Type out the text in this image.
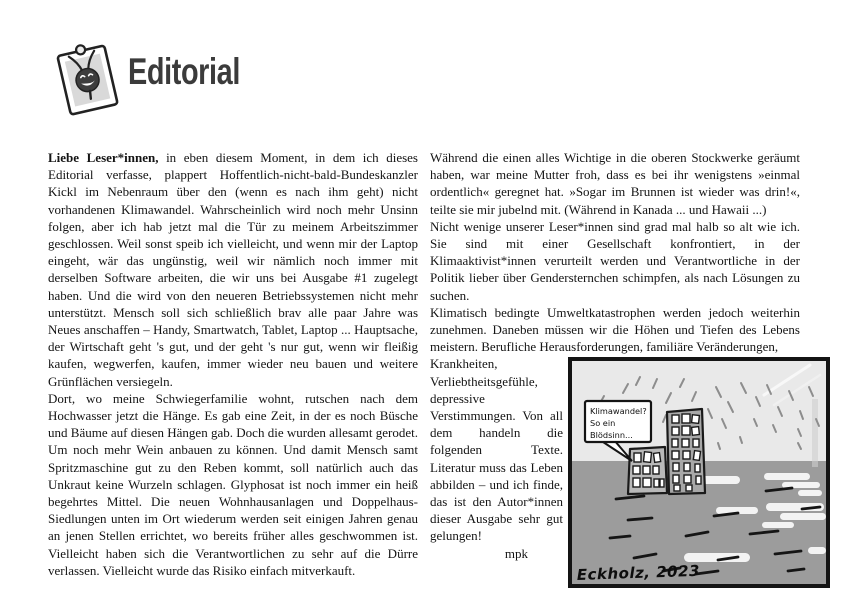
Editorial

Liebe Leser*innen, in eben diesem Moment, in dem ich dieses Editorial verfasse, plappert Hoffentlich-nicht-bald-Bundeskanzler Kickl im Nebenraum über den (wenn es nach ihm geht) nicht vorhandenen Klimawandel. Wahrscheinlich wird noch mehr Unsinn folgen, aber ich hab jetzt mal die Tür zu meinem Arbeitszimmer geschlossen. Weil sonst speib ich vielleicht, und wenn mir der Laptop eingeht, wär das ungünstig, weil wir nämlich noch immer mit derselben Software arbeiten, die wir uns bei Ausgabe #1 zugelegt haben. Und die wird von den neueren Betriebssystemen nicht mehr unterstützt. Mensch soll sich schließlich brav alle paar Jahre was Neues anschaffen – Handy, Smartwatch, Tablet, Laptop ... Hauptsache, der Wirtschaft geht 's gut, und der geht 's nur gut, wenn wir fleißig kaufen, wegwerfen, kaufen, immer wieder neu bauen und weitere Grünflächen versiegeln.

Dort, wo meine Schwiegerfamilie wohnt, rutschen nach dem Hochwasser jetzt die Hänge. Es gab eine Zeit, in der es noch Büsche und Bäume auf diesen Hängen gab. Doch die wurden allesamt gerodet. Um noch mehr Wein anbauen zu können. Und damit Mensch samt Spritzmaschine gut zu den Reben kommt, soll natürlich auch das Unkraut keine Wurzeln schlagen. Glyphosat ist noch immer ein heiß begehrtes Mittel. Die neuen Wohnhausanlagen und Doppelhaus-Siedlungen unten im Ort wiederum werden seit einigen Jahren genau an jenen Stellen errichtet, wo bereits früher alles geschwommen ist. Vielleicht haben sich die Verantwortlichen zu sehr auf die Dürre verlassen. Vielleicht wurde das Risiko einfach mitverkauft.

Während die einen alles Wichtige in die oberen Stockwerke geräumt haben, war meine Mutter froh, dass es bei ihr wenigstens »einmal ordentlich« geregnet hat. »Sogar im Brunnen ist wieder was drin!«, teilte sie mir jubelnd mit. (Während in Kanada ... und Hawaii ...)

Nicht wenige unserer Leser*innen sind grad mal halb so alt wie ich. Sie sind mit einer Gesellschaft konfrontiert, in der Klimaaktivist*innen verurteilt werden und Verantwortliche in der Politik lieber über Gendersternchen schimpfen, als nach Lösungen zu suchen.

Klimatisch bedingte Umweltkatastrophen werden jedoch weiterhin zunehmen. Daneben müssen wir die Höhen und Tiefen des Lebens meistern. Berufliche Herausforderungen, familiäre Veränderungen,

Krankheiten, Verliebtheitsgefühle, depressive Verstimmungen. Von all dem handeln die folgenden Texte. Literatur muss das Leben abbilden – und ich finde, das ist den Autor*innen dieser Ausgabe sehr gut gelungen!

mpk

Klimawandel?
So ein
Blödsinn...
Eckholz, 2023
